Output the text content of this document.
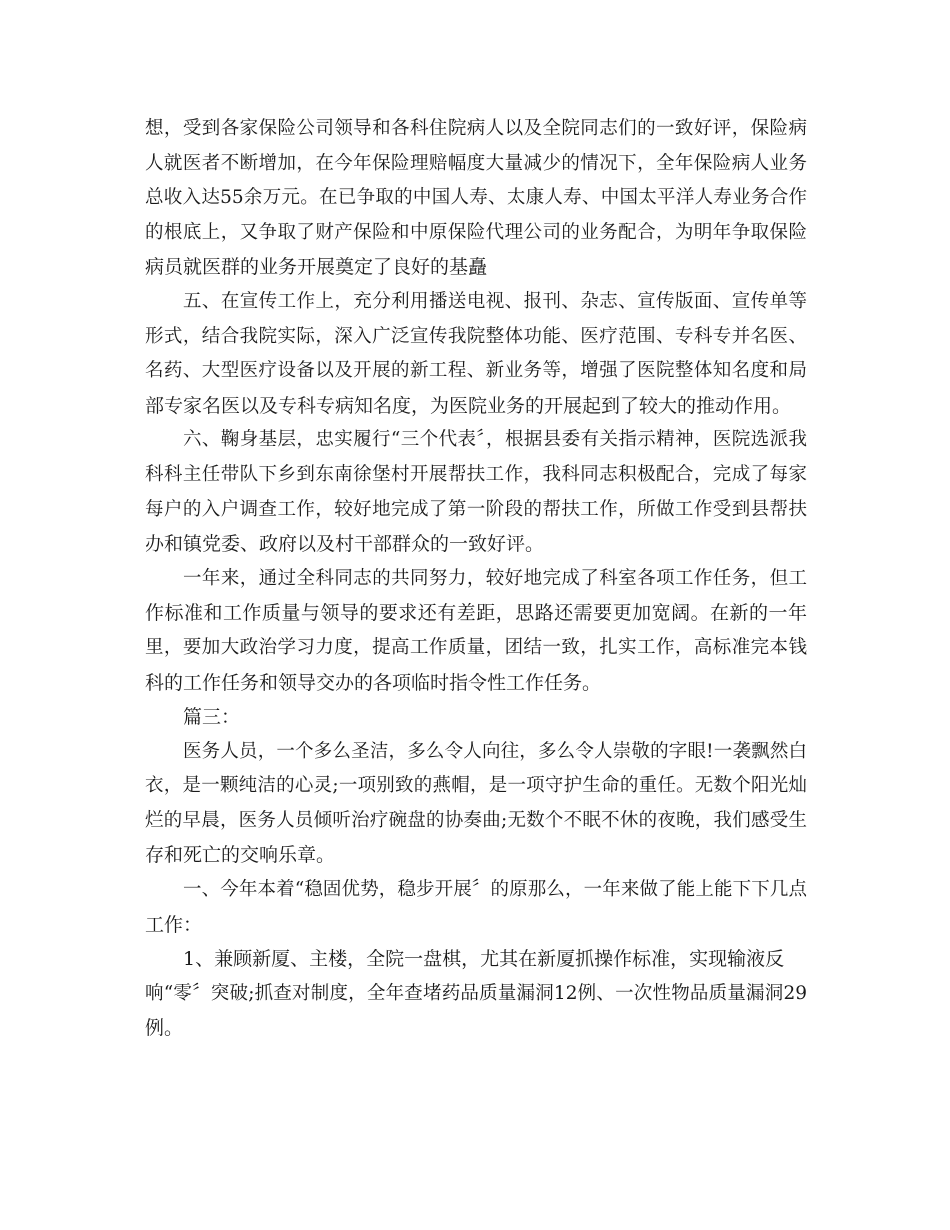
想，受到各家保险公司领导和各科住院病人以及全院同志们的一致好评，保险病
人就医者不断增加，在今年保险理赔幅度大量减少的情况下，全年保险病人业务
总收入达55余万元。在已争取的中国人寿、太康人寿、中国太平洋人寿业务合作
的根底上，又争取了财产保险和中原保险代理公司的业务配合，为明年争取保险
病员就医群的业务开展奠定了良好的基矗
五、在宣传工作上，充分利用播送电视、报刊、杂志、宣传版面、宣传单等
形式，结合我院实际，深入广泛宣传我院整体功能、医疗范围、专科专并名医、
名药、大型医疗设备以及开展的新工程、新业务等，增强了医院整体知名度和局
部专家名医以及专科专病知名度，为医院业务的开展起到了较大的推动作用。
六、鞠身基层，忠实履行“三个代表〞，根据县委有关指示精神，医院选派我
科科主任带队下乡到东南徐堡村开展帮扶工作，我科同志积极配合，完成了每家
每户的入户调查工作，较好地完成了第一阶段的帮扶工作，所做工作受到县帮扶
办和镇党委、政府以及村干部群众的一致好评。
一年来，通过全科同志的共同努力，较好地完成了科室各项工作任务，但工
作标准和工作质量与领导的要求还有差距，思路还需要更加宽阔。在新的一年
里，要加大政治学习力度，提高工作质量，团结一致，扎实工作，高标准完本钱
科的工作任务和领导交办的各项临时指令性工作任务。
篇三：
医务人员，一个多么圣洁，多么令人向往，多么令人崇敬的字眼!一袭飘然白
衣，是一颗纯洁的心灵;一项别致的燕帽，是一项守护生命的重任。无数个阳光灿
烂的早晨，医务人员倾听治疗碗盘的协奏曲;无数个不眠不休的夜晚，我们感受生
存和死亡的交响乐章。
一、今年本着“稳固优势，稳步开展〞的原那么，一年来做了能上能下下几点
工作：
1、兼顾新厦、主楼，全院一盘棋，尤其在新厦抓操作标准，实现输液反
响“零〞突破;抓查对制度，全年查堵药品质量漏洞12例、一次性物品质量漏洞29
例。
